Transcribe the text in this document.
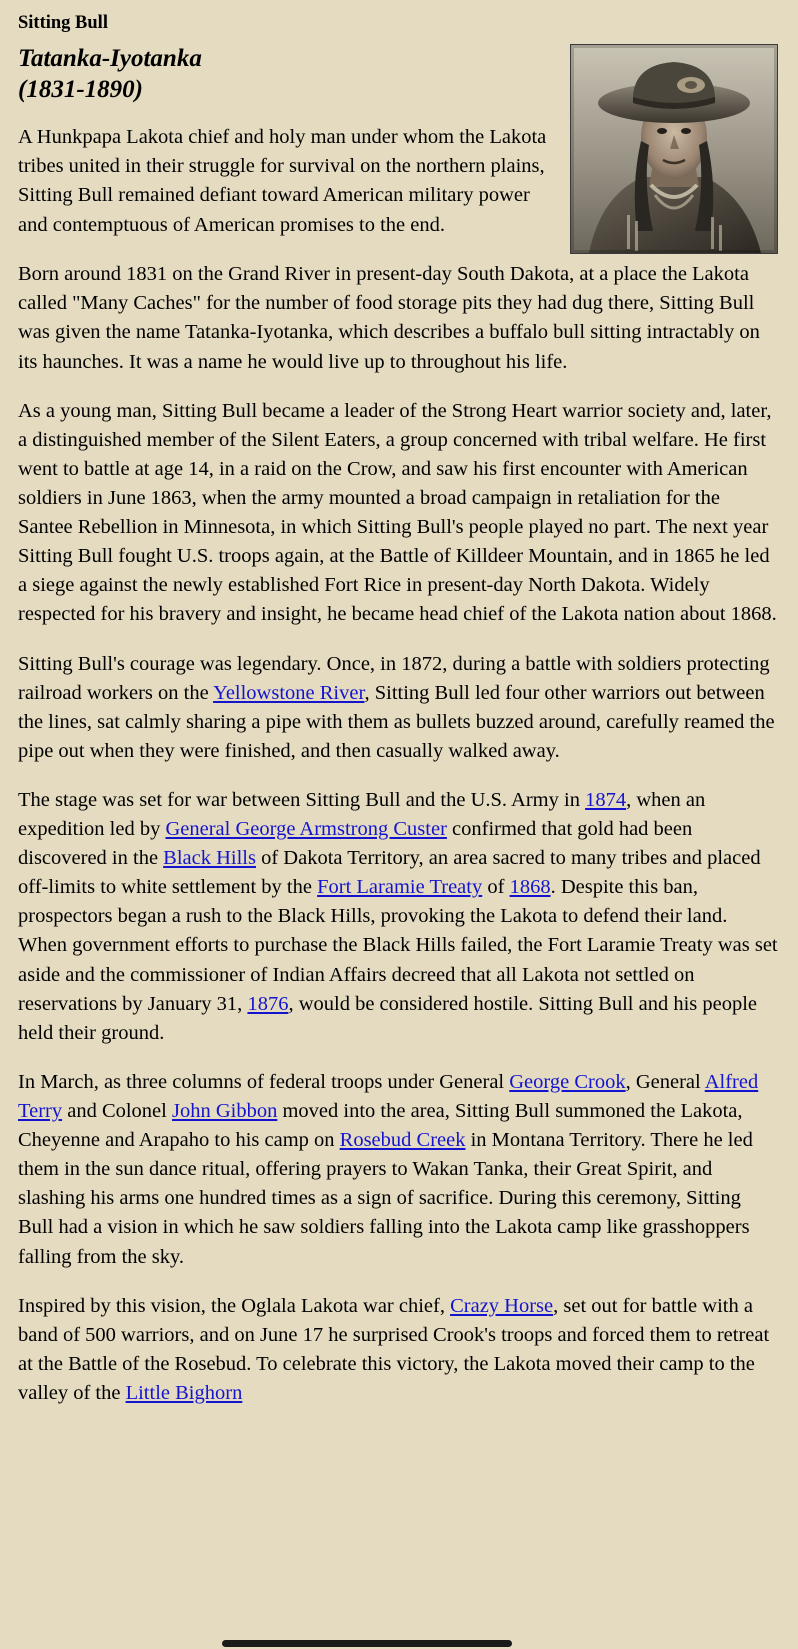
Sitting Bull
Tatanka-Iyotanka
(1831-1890)

A Hunkpapa Lakota chief and holy man under whom the Lakota tribes united in their struggle for survival on the northern plains, Sitting Bull remained defiant toward American military power and contemptuous of American promises to the end.

Born around 1831 on the Grand River in present-day South Dakota, at a place the Lakota called "Many Caches" for the number of food storage pits they had dug there, Sitting Bull was given the name Tatanka-Iyotanka, which describes a buffalo bull sitting intractably on its haunches. It was a name he would live up to throughout his life.

As a young man, Sitting Bull became a leader of the Strong Heart warrior society and, later, a distinguished member of the Silent Eaters, a group concerned with tribal welfare. He first went to battle at age 14, in a raid on the Crow, and saw his first encounter with American soldiers in June 1863, when the army mounted a broad campaign in retaliation for the Santee Rebellion in Minnesota, in which Sitting Bull's people played no part. The next year Sitting Bull fought U.S. troops again, at the Battle of Killdeer Mountain, and in 1865 he led a siege against the newly established Fort Rice in present-day North Dakota. Widely respected for his bravery and insight, he became head chief of the Lakota nation about 1868.

Sitting Bull's courage was legendary. Once, in 1872, during a battle with soldiers protecting railroad workers on the Yellowstone River, Sitting Bull led four other warriors out between the lines, sat calmly sharing a pipe with them as bullets buzzed around, carefully reamed the pipe out when they were finished, and then casually walked away.

The stage was set for war between Sitting Bull and the U.S. Army in 1874, when an expedition led by General George Armstrong Custer confirmed that gold had been discovered in the Black Hills of Dakota Territory, an area sacred to many tribes and placed off-limits to white settlement by the Fort Laramie Treaty of 1868. Despite this ban, prospectors began a rush to the Black Hills, provoking the Lakota to defend their land. When government efforts to purchase the Black Hills failed, the Fort Laramie Treaty was set aside and the commissioner of Indian Affairs decreed that all Lakota not settled on reservations by January 31, 1876, would be considered hostile. Sitting Bull and his people held their ground.

In March, as three columns of federal troops under General George Crook, General Alfred Terry and Colonel John Gibbon moved into the area, Sitting Bull summoned the Lakota, Cheyenne and Arapaho to his camp on Rosebud Creek in Montana Territory. There he led them in the sun dance ritual, offering prayers to Wakan Tanka, their Great Spirit, and slashing his arms one hundred times as a sign of sacrifice. During this ceremony, Sitting Bull had a vision in which he saw soldiers falling into the Lakota camp like grasshoppers falling from the sky.

Inspired by this vision, the Oglala Lakota war chief, Crazy Horse, set out for battle with a band of 500 warriors, and on June 17 he surprised Crook's troops and forced them to retreat at the Battle of the Rosebud. To celebrate this victory, the Lakota moved their camp to the valley of the Little Bighorn
